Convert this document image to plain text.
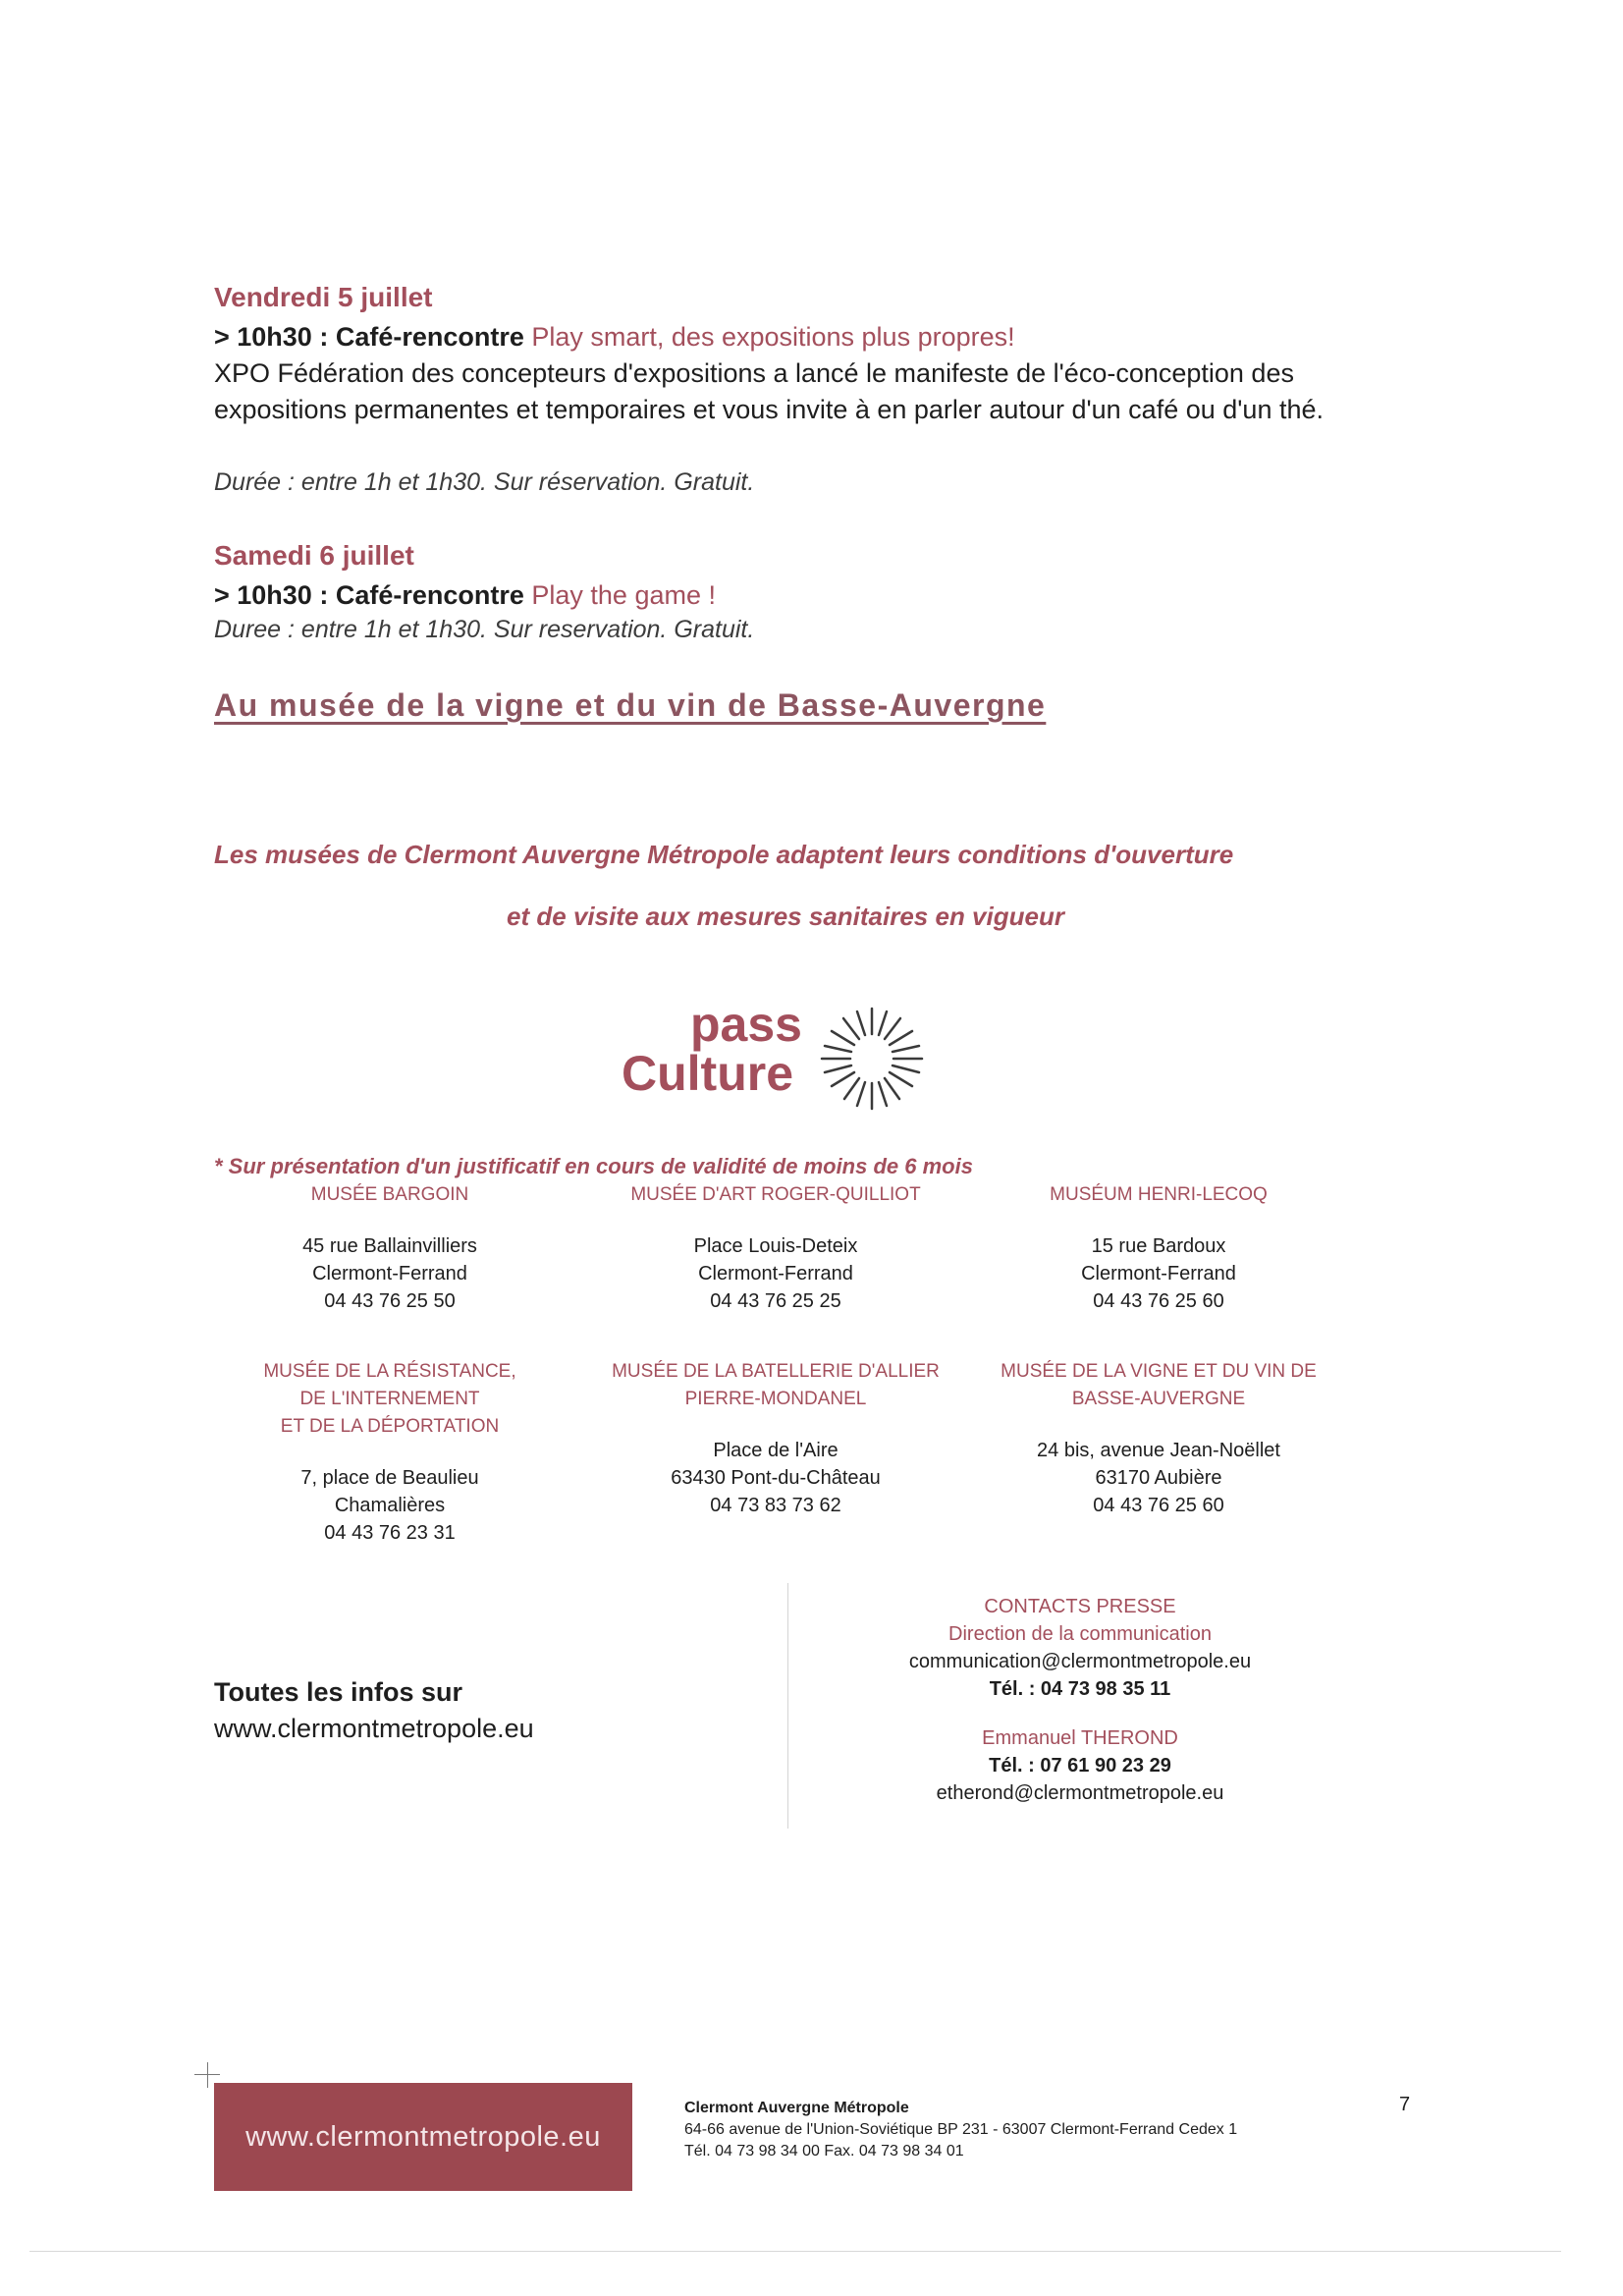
Vendredi 5 juillet
> 10h30 : Café-rencontre Play smart, des expositions plus propres!
XPO Fédération des concepteurs d'expositions a lancé le manifeste de l'éco-conception des expositions permanentes et temporaires et vous invite à en parler autour d'un café ou d'un thé.
Durée : entre 1h et 1h30. Sur réservation. Gratuit.
Samedi 6 juillet
> 10h30 : Café-rencontre Play the game !
Duree : entre 1h et 1h30. Sur reservation. Gratuit.
Au musée de la vigne et du vin de Basse-Auvergne
Les musées de Clermont Auvergne Métropole adaptent leurs conditions d'ouverture
et de visite aux mesures sanitaires en vigueur
pass
Culture
* Sur présentation d'un justificatif en cours de validité de moins de 6 mois
MUSÉE BARGOIN
45 rue Ballainvilliers
Clermont-Ferrand
04 43 76 25 50
MUSÉE D'ART ROGER-QUILLIOT
Place Louis-Deteix
Clermont-Ferrand
04 43 76 25 25
MUSÉUM HENRI-LECOQ
15 rue Bardoux
Clermont-Ferrand
04 43 76 25 60
MUSÉE DE LA RÉSISTANCE,
DE L'INTERNEMENT
ET DE LA DÉPORTATION
7, place de Beaulieu
Chamalières
04 43 76 23 31
MUSÉE DE LA BATELLERIE D'ALLIER
PIERRE-MONDANEL
Place de l'Aire
63430 Pont-du-Château
04 73 83 73 62
MUSÉE DE LA VIGNE ET DU VIN DE
BASSE-AUVERGNE
24 bis, avenue Jean-Noëllet
63170 Aubière
04 43 76 25 60
Toutes les infos sur
www.clermontmetropole.eu
CONTACTS PRESSE
Direction de la communication
communication@clermontmetropole.eu
Tél. : 04 73 98 35 11
Emmanuel THEROND
Tél. : 07 61 90 23 29
etherond@clermontmetropole.eu
www.clermontmetropole.eu
Clermont Auvergne Métropole
64-66 avenue de l'Union-Soviétique BP 231 - 63007 Clermont-Ferrand Cedex 1
Tél. 04 73 98 34 00 Fax. 04 73 98 34 01
7
